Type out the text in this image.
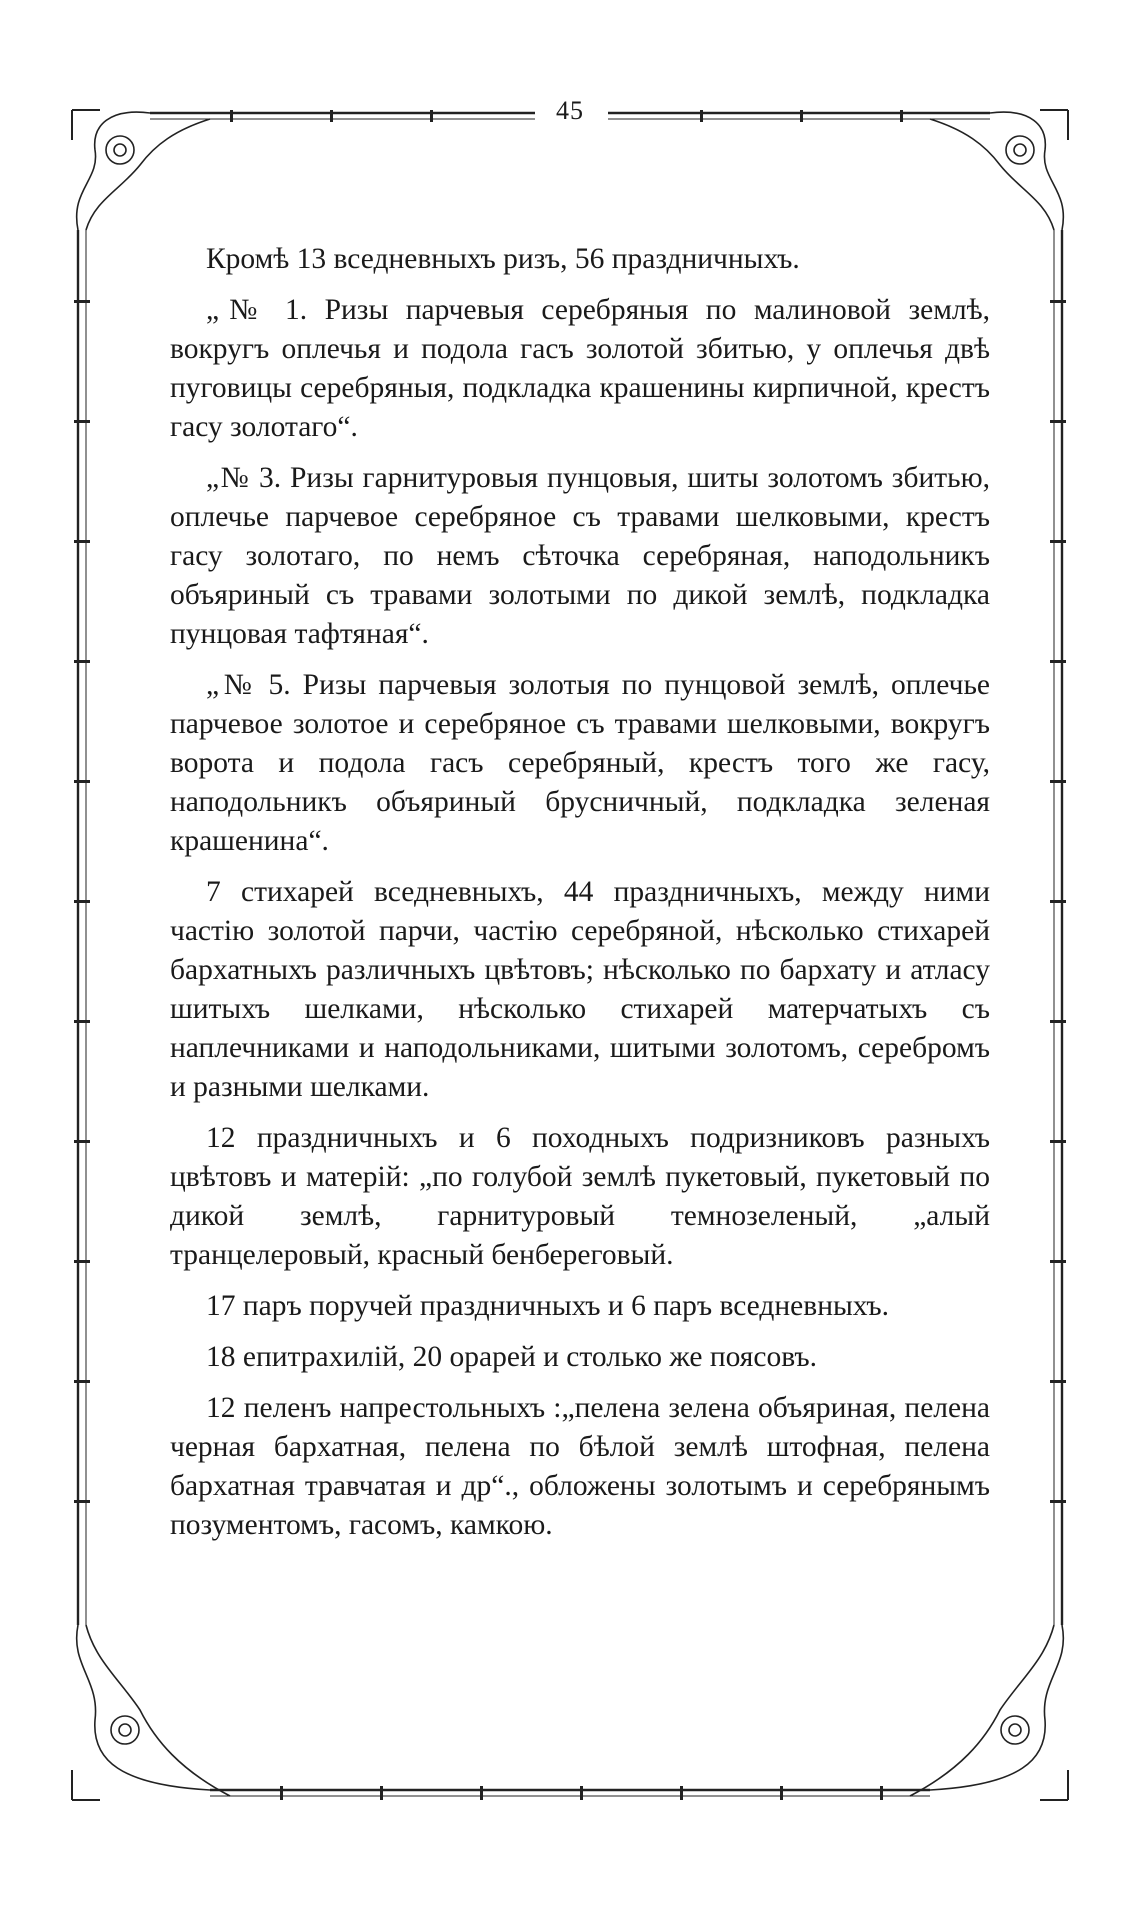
45

Кромѣ 13 вседневныхъ ризъ, 56 праздничныхъ.

„№ 1. Ризы парчевыя серебряныя по малиновой землѣ, вокругъ оплечья и подола гасъ золотой збитью, у оплечья двѣ пуговицы серебряныя, подкладка крашенины кирпичной, крестъ гасу золотаго“.

„№ 3. Ризы гарнитуровыя пунцовыя, шиты золотомъ збитью, оплечье парчевое серебряное съ травами шелковыми, крестъ гасу золотаго, по немъ сѣточка серебряная, наподольникъ объяриный съ травами золотыми по дикой землѣ, подкладка пунцовая тафтяная“.

„№ 5. Ризы парчевыя золотыя по пунцовой землѣ, оплечье парчевое золотое и серебряное съ травами шелковыми, вокругъ ворота и подола гасъ серебряный, крестъ того же гасу, наподольникъ объяриный брусничный, подкладка зеленая крашенина“.

7 стихарей вседневныхъ, 44 праздничныхъ, между ними частію золотой парчи, частію серебряной, нѣсколько стихарей бархатныхъ различныхъ цвѣтовъ; нѣсколько по бархату и атласу шитыхъ шелками, нѣсколько стихарей матерчатыхъ съ наплечниками и наподольниками, шитыми золотомъ, серебромъ и разными шелками.

12 праздничныхъ и 6 походныхъ подризниковъ разныхъ цвѣтовъ и матерій: „по голубой землѣ пукетовый, пукетовый по дикой землѣ, гарнитуровый темнозеленый, „алый транцелеровый, красный бенбереговый.

17 паръ поручей праздничныхъ и 6 паръ вседневныхъ.

18 епитрахилій, 20 орарей и столько же поясовъ.

12 пеленъ напрестольныхъ :„пелена зелена объяриная, пелена черная бархатная, пелена по бѣлой землѣ штофная, пелена бархатная травчатая и др“., обложены золотымъ и серебрянымъ позументомъ, гасомъ, камкою.
